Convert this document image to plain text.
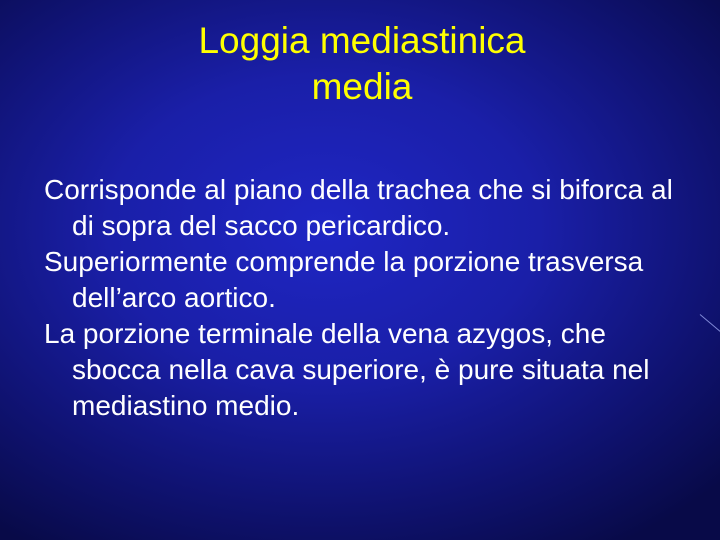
Loggia mediastinica
media

Corrisponde al piano della trachea che si biforca al di sopra del sacco pericardico.

Superiormente comprende la porzione trasversa dell’arco aortico.

La porzione terminale della vena azygos, che sbocca nella cava superiore, è pure situata nel mediastino medio.
